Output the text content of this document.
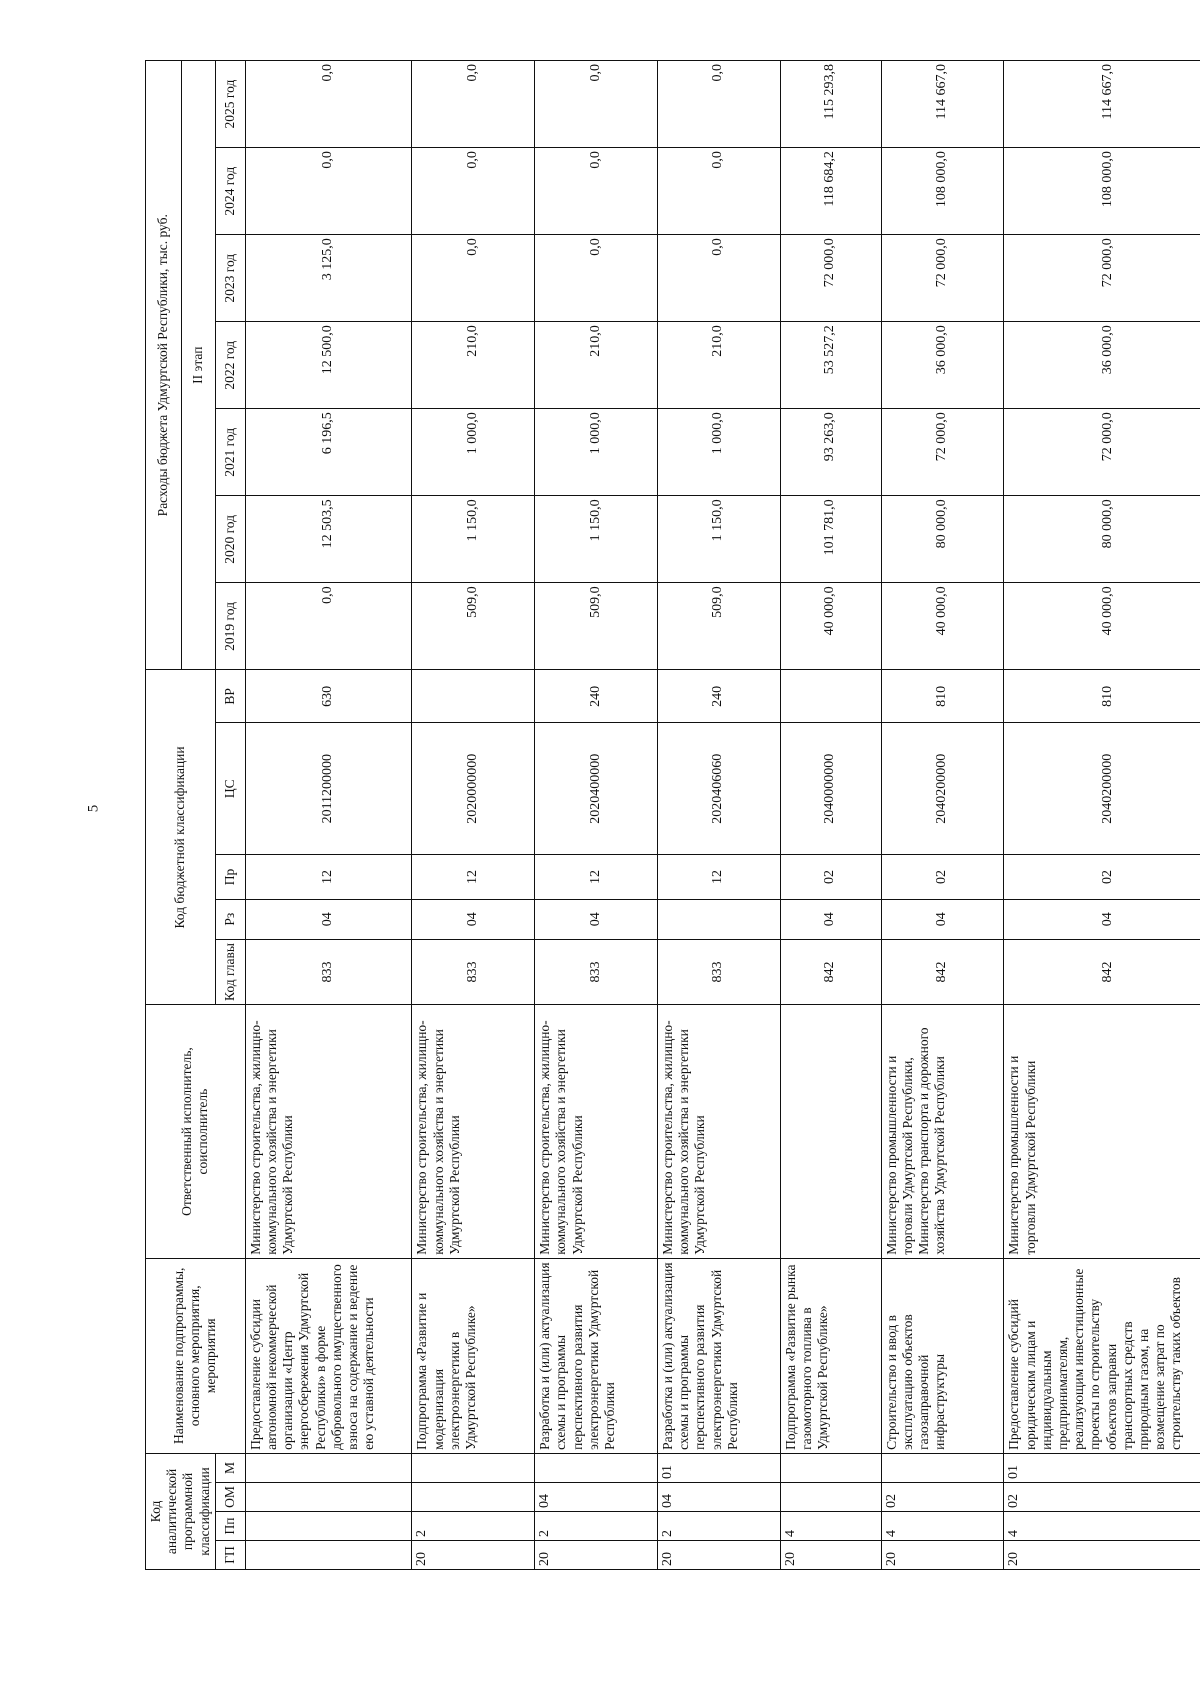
5
Код аналитической программной классификации				Наименование подпрограммы, основного мероприятия, мероприятия	Ответственный исполнитель, соисполнитель	Код бюджетной классификации					Расходы бюджета Удмуртской Республики, тыс. руб.						
											II этап						
ГП	Пп	ОМ	М			Код главы	Рз	Пр	ЦС	ВР	2019 год	2020 год	2021 год	2022 год	2023 год	2024 год	2025 год
				Предоставление субсидии автономной некоммерческой организации «Центр энергосбережения Удмуртской Республики» в форме добровольного имущественного взноса на содержание и ведение ею уставной деятельности	Министерство строительства, жилищно-коммунального хозяйства и энергетики Удмуртской Республики	833	04	12	2011200000	630	0,0	12 503,5	6 196,5	12 500,0	3 125,0	0,0	0,0
20	2			Подпрограмма «Развитие и модернизация электроэнергетики в Удмуртской Республике»	Министерство строительства, жилищно-коммунального хозяйства и энергетики Удмуртской Республики	833	04	12	2020000000		509,0	1 150,0	1 000,0	210,0	0,0	0,0	0,0
20	2	04		Разработка и (или) актуализация схемы и программы перспективного развития электроэнергетики Удмуртской Республики	Министерство строительства, жилищно-коммунального хозяйства и энергетики Удмуртской Республики	833	04	12	2020400000	240	509,0	1 150,0	1 000,0	210,0	0,0	0,0	0,0
20	2	04	01	Разработка и (или) актуализация схемы и программы перспективного развития электроэнергетики Удмуртской Республики	Министерство строительства, жилищно-коммунального хозяйства и энергетики Удмуртской Республики	833		12	2020406060	240	509,0	1 150,0	1 000,0	210,0	0,0	0,0	0,0
20	4			Подпрограмма «Развитие рынка газомоторного топлива в Удмуртской Республике»		842	04	02	2040000000		40 000,0	101 781,0	93 263,0	53 527,2	72 000,0	118 684,2	115 293,8
20	4	02		Строительство и ввод в эксплуатацию объектов газозаправочной инфраструктуры	Министерство промышленности и торговли Удмуртской Республики, Министерство транспорта и дорожного хозяйства Удмуртской Республики	842	04	02	2040200000	810	40 000,0	80 000,0	72 000,0	36 000,0	72 000,0	108 000,0	114 667,0
20	4	02	01	Предоставление субсидий юридическим лицам и индивидуальным предпринимателям, реализующим инвестиционные проекты по строительству объектов заправки транспортных средств природным газом, на возмещение затрат по строительству таких объектов	Министерство промышленности и торговли Удмуртской Республики	842	04	02	2040200000	810	40 000,0	80 000,0	72 000,0	36 000,0	72 000,0	108 000,0	114 667,0
